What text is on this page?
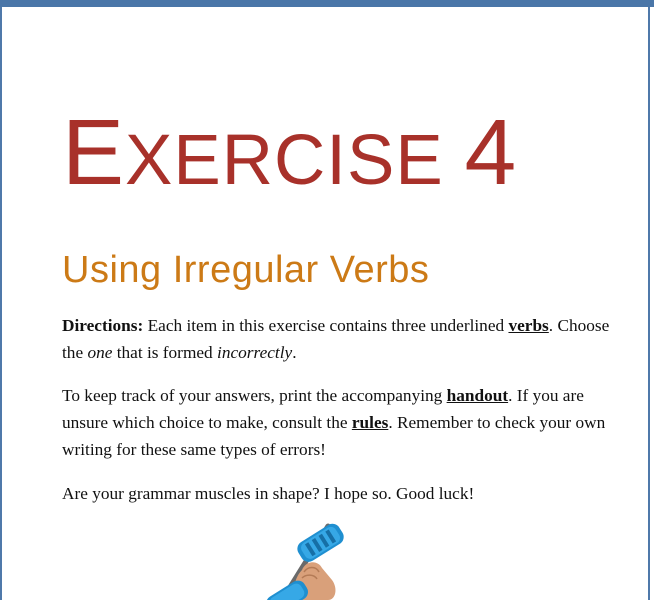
EXERCISE 4
Using Irregular Verbs

Directions: Each item in this exercise contains three underlined verbs. Choose the one that is formed incorrectly.

To keep track of your answers, print the accompanying handout. If you are unsure which choice to make, consult the rules. Remember to check your own writing for these same types of errors!

Are your grammar muscles in shape? I hope so. Good luck!
